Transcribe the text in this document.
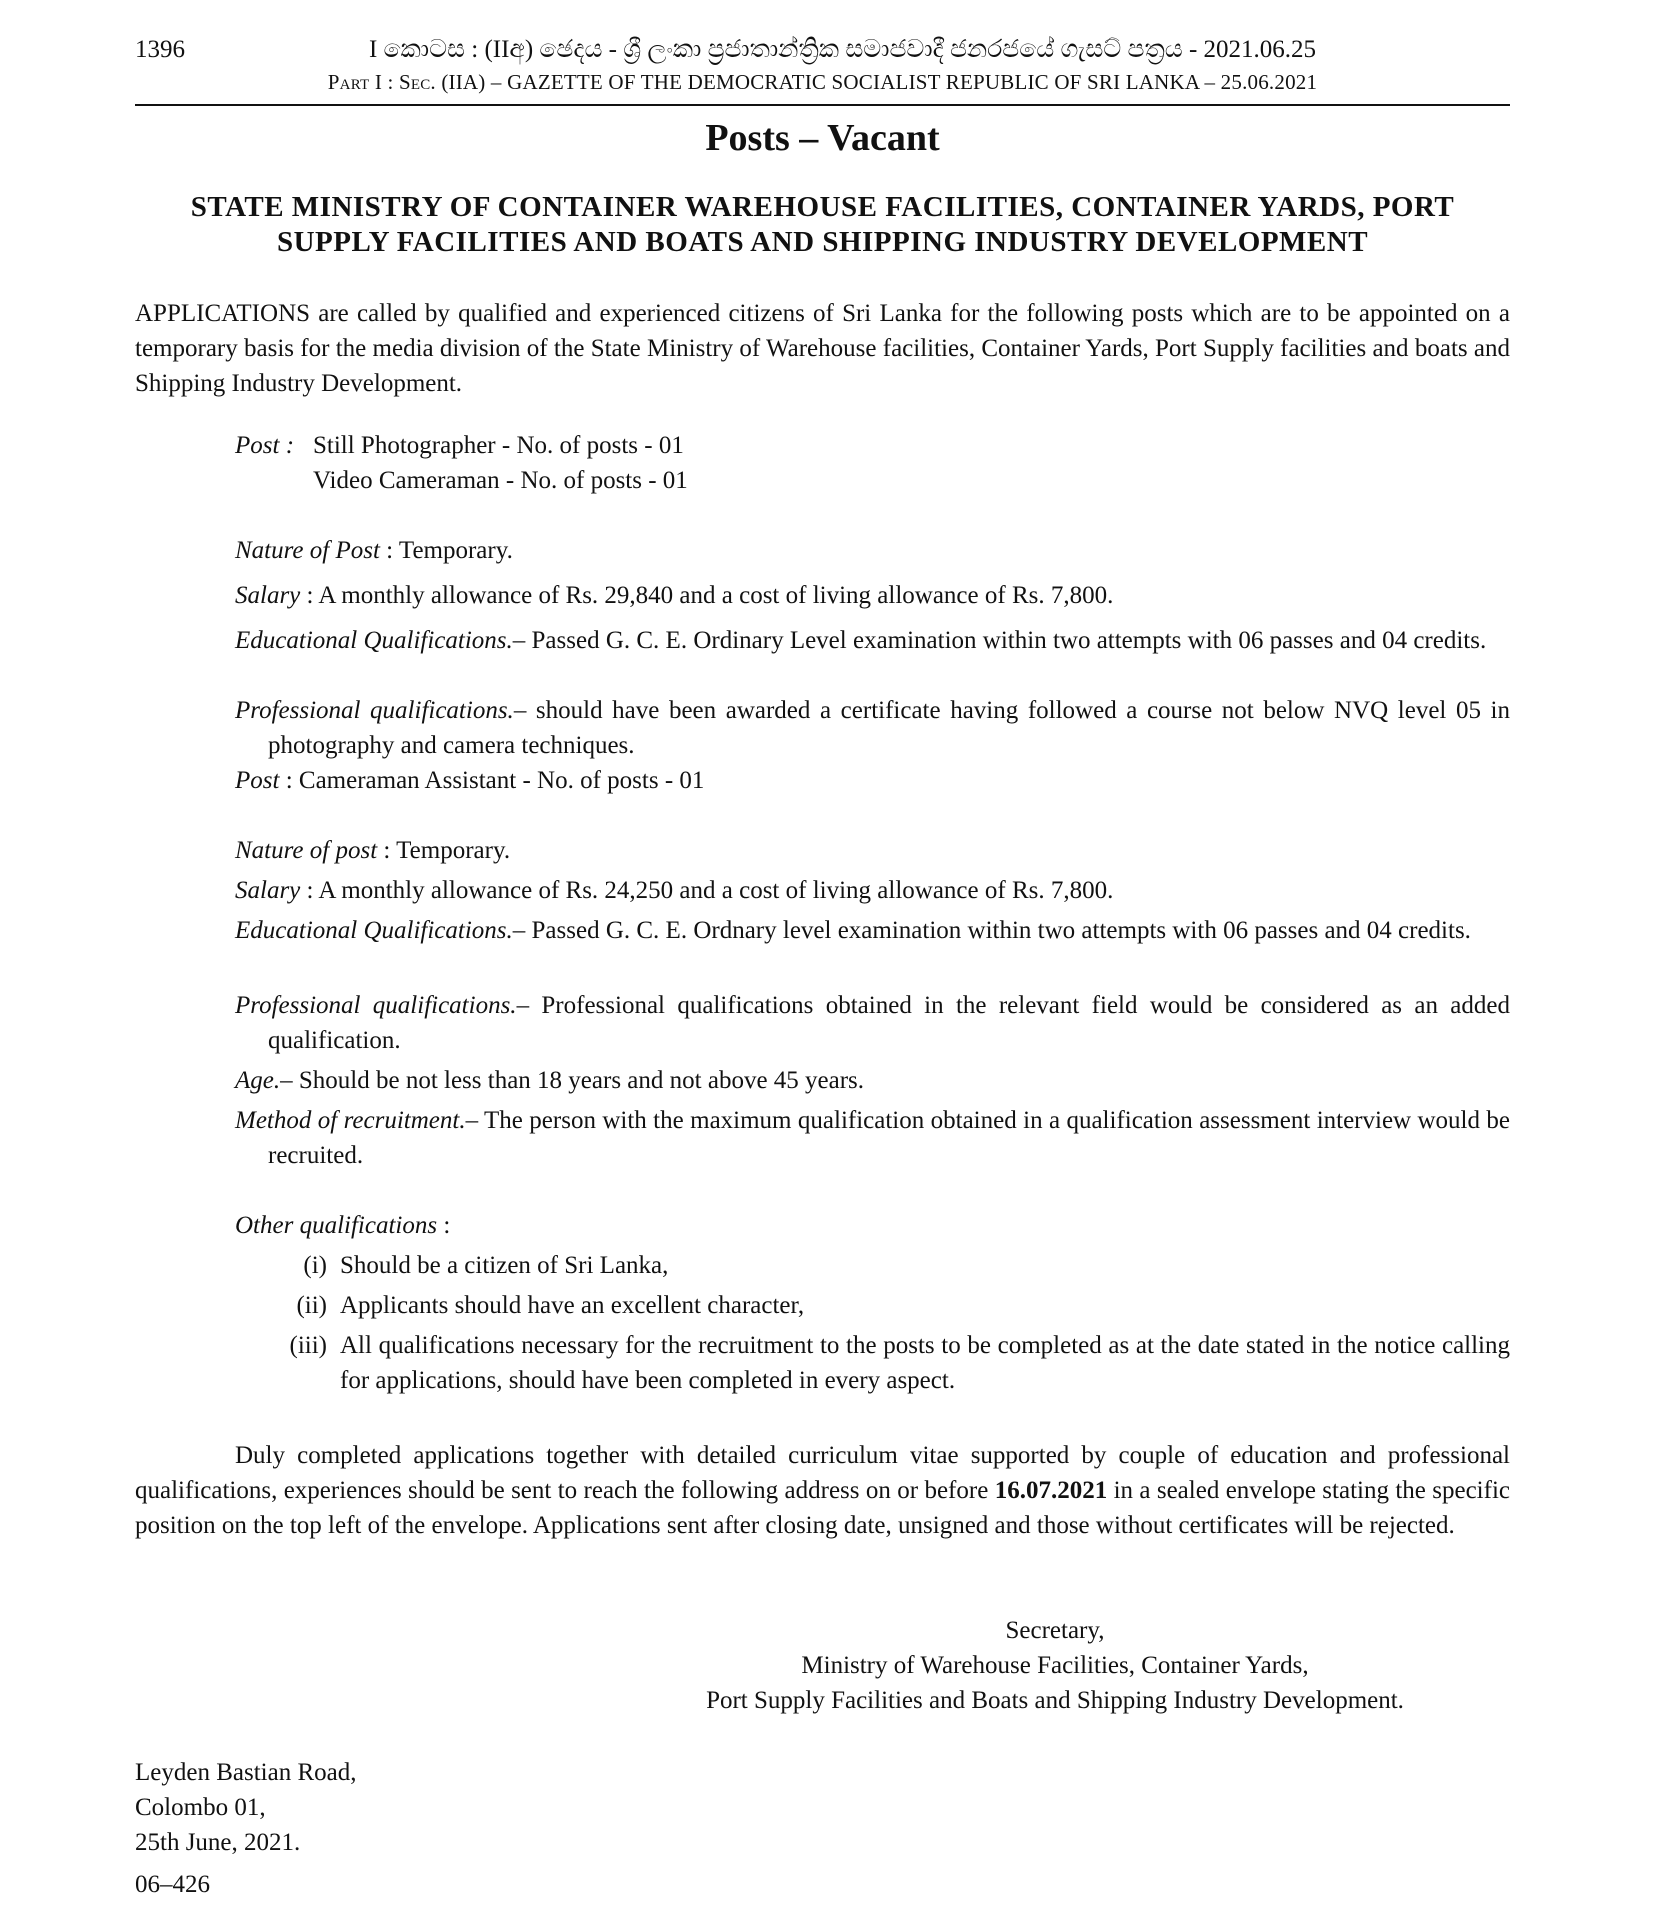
1396	I කොටස : (IIඅ) ඡෙදය - ශ්‍රී ලංකා ප්‍රජාතාන්ත්‍රික සමාජවාදී ජනරජයේ ගැසට් පත්‍රය - 2021.06.25
Part I : Sec. (IIA) – GAZETTE OF THE DEMOCRATIC SOCIALIST REPUBLIC OF SRI LANKA – 25.06.2021
Posts – Vacant
STATE MINISTRY OF CONTAINER WAREHOUSE FACILITIES, CONTAINER YARDS, PORT
SUPPLY FACILITIES AND BOATS AND SHIPPING INDUSTRY DEVELOPMENT
APPLICATIONS are called by qualified and experienced citizens of Sri Lanka for the following posts which are to be appointed on a temporary basis for the media division of the State Ministry of Warehouse facilities, Container Yards, Port Supply facilities and boats and Shipping Industry Development.
Post : Still Photographer - No. of posts - 01
Video Cameraman - No. of posts - 01
Nature of Post : Temporary.
Salary : A monthly allowance of Rs. 29,840 and a cost of living allowance of Rs. 7,800.
Educational Qualifications.– Passed G. C. E. Ordinary Level examination within two attempts with 06 passes and 04 credits.
Professional qualifications.– should have been awarded a certificate having followed a course not below NVQ level 05 in photography and camera techniques.
Post : Cameraman Assistant - No. of posts - 01
Nature of post : Temporary.
Salary : A monthly allowance of Rs. 24,250 and a cost of living allowance of Rs. 7,800.
Educational Qualifications.– Passed G. C. E. Ordnary level examination within two attempts with 06 passes and 04 credits.
Professional qualifications.– Professional qualifications obtained in the relevant field would be considered as an added qualification.
Age.– Should be not less than 18 years and not above 45 years.
Method of recruitment.– The person with the maximum qualification obtained in a qualification assessment interview would be recruited.
Other qualifications :
(i) Should be a citizen of Sri Lanka,
(ii) Applicants should have an excellent character,
(iii) All qualifications necessary for the recruitment to the posts to be completed as at the date stated in the notice calling for applications, should have been completed in every aspect.
Duly completed applications together with detailed curriculum vitae supported by couple of education and professional qualifications, experiences should be sent to reach the following address on or before 16.07.2021 in a sealed envelope stating the specific position on the top left of the envelope. Applications sent after closing date, unsigned and those without certificates will be rejected.
Secretary,
Ministry of Warehouse Facilities, Container Yards,
Port Supply Facilities and Boats and Shipping Industry Development.
Leyden Bastian Road,
Colombo 01,
25th June, 2021.
06–426
